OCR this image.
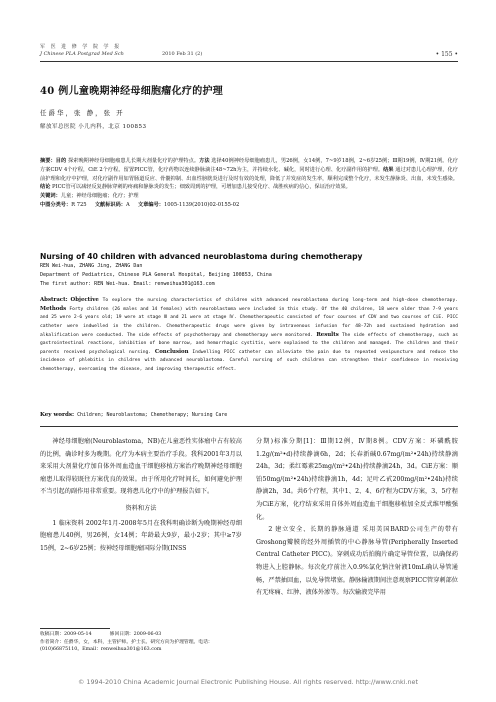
军 医 进 修 学 院 学 报
J Chinese PLA Postgrad Med Sch	2010 Feb 31 (2)	• 155 •
40 例儿童晚期神经母细胞瘤化疗的护理
任爵华，张 静，张 开
解放军总医院 小儿内科，北京 100853
摘要：目的 探索晚期神经母细胞瘤患儿长期大剂量化疗的护理特点。方法 选择40例神经母细胞瘤患儿，男26例，女14例，7~9岁18例，2~6岁25例；Ⅲ期19例，Ⅳ期21例。化疗方案CDV 4个疗程，CiE 2个疗程。留置PICC管，化疗药物以连续静脉滴注48~72h为主，并持续水化、碱化，同时进行心理、化疗副作用的护理。结果 通过对患儿心理护理，化疗前护理和化疗中护理，对化疗副作用如胃肠道反应、骨髓抑制、出血性膀胱炎进行及时有效的处理，降低了并发症的发生率，顺利完成整个化疗，未发生静脉炎、出血，未发生感染。结论 PICC管可以减轻反复静脉穿刺的疼痛和静脉炎的发生；细致周到的护理，可增加患儿接受化疗、战胜疾病的信心，保证治疗效果。
关键词：儿童；神经母细胞瘤；化疗；护理
中图分类号：R 725 文献标识码：A 文章编号：1005-1139(2010)02-0155-02
Nursing of 40 children with advanced neuroblastoma during chemotherapy
REN Wei-hua, ZHANG Jing, ZHANG Dan
Department of Pediatrics, Chinese PLA General Hospital, Beijing 100853, China
The first author: REN Wei-hua. Email: renweihua301@163.com
Abstract: Objective To explore the nursing characteristics of children with advanced neuroblastoma during long-term and high-dose chemotherapy. Methods Forty children (26 males and 14 females) with neuroblastoma were included in this study. Of the 40 children, 18 were older than 7-9 years and 25 were 2-6 years old; 19 were at stage Ⅲ and 21 were at stage Ⅳ. Chemotherapeutic consisted of four courses of CDV and two courses of CiE. PICC catheter were indwelled in the children. Chemotherapeutic drugs were given by intravenous infusion for 48-72h and sustained hydration and alkalification were conducted. The side effects of psychotherapy and chemotherapy were monitored. Results The side effects of chemotherapy, such as gastrointestinal reactions, inhibition of bone marrow, and hemorrhagic cystitis, were explained to the children and managed. The children and their parents received psychological nursing. Conclusion Indwelling PICC catheter can alleviate the pain due to repeated venipuncture and reduce the incidence of phlebitis in children with advanced neuroblastoma. Careful nursing of such children can strengthen their confidence in receiving chemotherapy, overcoming the disease, and improving therapeutic effect.
Key words: Children; Neuroblastoma; Chemotherapy; Nursing Care

神经母细胞瘤(Neuroblastoma，NB)在儿童恶性实体瘤中占有较高的比例，确诊时多为晚期。化疗为本病主要治疗手段。我科2001年3月以来采用大剂量化疗加自体外周血造血干细胞移植方案治疗晚期神经母细胞瘤患儿取得较既往方案优良的效果。由于所用化疗时间长，如何避免护理不当引起的副作用非常重要。现将患儿化疗中的护理报告如下。

资料和方法

1 临床资料 2002年1月-2008年5月在我科明确诊断为晚期神经母细胞瘤患儿40例，男26例，女14例；年龄最大9岁，最小2岁；其中≥7岁15例，2~6岁25例；按神经母细胞瘤国际分期(INSS

分期)标准分期[1]：Ⅲ期12例，Ⅳ期8例。CDV方案：环磷酰胺1.2g/(m²•d)持续静滴6h，2d；长春新碱0.67mg/(m²•24h)持续静滴24h，3d；柔红霉素25mg/(m²•24h)持续静滴24h，3d。CiE方案：顺铂50mg/(m²•24h)持续静滴1h，4d；足叶乙甙200mg/(m²•24h)持续静滴2h，3d。共6个疗程，其中1、2、4、6疗程为CDV方案，3、5疗程为CiE方案，化疗结束采用自体外周血造血干细胞移植加全反式维甲酸强化。

2 建立安全、长期的静脉通道 采用美国BARD公司生产的带有Groshong瓣膜的经外周插管的中心静脉导管(Peripherally Inserted Central Catheter PICC)。穿刺成功后拍胸片确定导管位置，以确保药物进入上腔静脉。每次化疗前注入0.9%氯化钠注射液10mL确认导管通畅，严禁抽回血，以免导管堵塞。静脉输液期间注意观察PICC管穿刺部位有无疼痛、红肿、液体外渗等。每次输液完毕用

收稿日期：2009-05-14	修回日期：2009-06-03
作者简介：任爵华，女，本科，主管护师。护士长。研究方向为护理管理。电话：(010)66875110。Email：renweihua301@163.com
© 1994-2010 China Academic Journal Electronic Publishing House. All rights reserved. http://www.cnki.net
